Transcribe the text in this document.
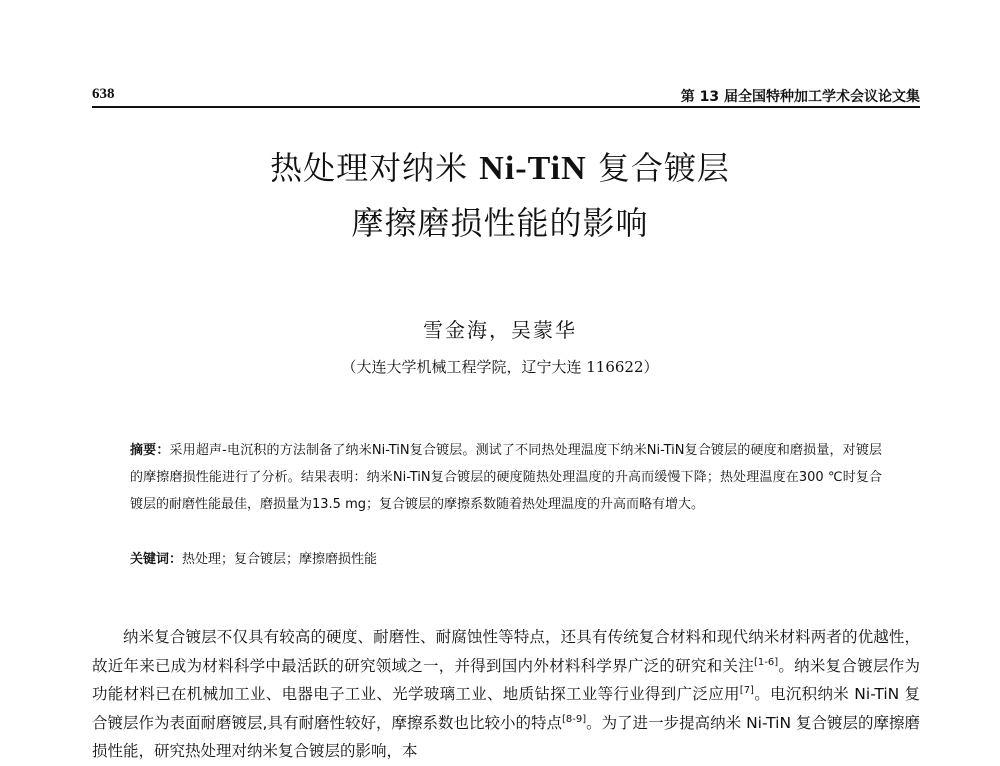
638	第 13 届全国特种加工学术会议论文集
热处理对纳米 Ni-TiN 复合镀层
摩擦磨损性能的影响
雪金海，吴蒙华
（大连大学机械工程学院，辽宁大连 116622）
摘要：采用超声-电沉积的方法制备了纳米Ni-TiN复合镀层。测试了不同热处理温度下纳米Ni-TiN复合镀层的硬度和磨损量，对镀层的摩擦磨损性能进行了分析。结果表明：纳米Ni-TiN复合镀层的硬度随热处理温度的升高而缓慢下降；热处理温度在300 ℃时复合镀层的耐磨性能最佳，磨损量为13.5 mg；复合镀层的摩擦系数随着热处理温度的升高而略有增大。
关键词：热处理；复合镀层；摩擦磨损性能

纳米复合镀层不仅具有较高的硬度、耐磨性、耐腐蚀性等特点，还具有传统复合材料和现代纳米材料两者的优越性，故近年来已成为材料科学中最活跃的研究领域之一，并得到国内外材料科学界广泛的研究和关注[1-6]。纳米复合镀层作为功能材料已在机械加工业、电器电子工业、光学玻璃工业、地质钻探工业等行业得到广泛应用[7]。电沉积纳米 Ni-TiN 复合镀层作为表面耐磨镀层,具有耐磨性较好，摩擦系数也比较小的特点[8-9]。为了进一步提高纳米 Ni-TiN 复合镀层的摩擦磨损性能，研究热处理对纳米复合镀层的影响，本
